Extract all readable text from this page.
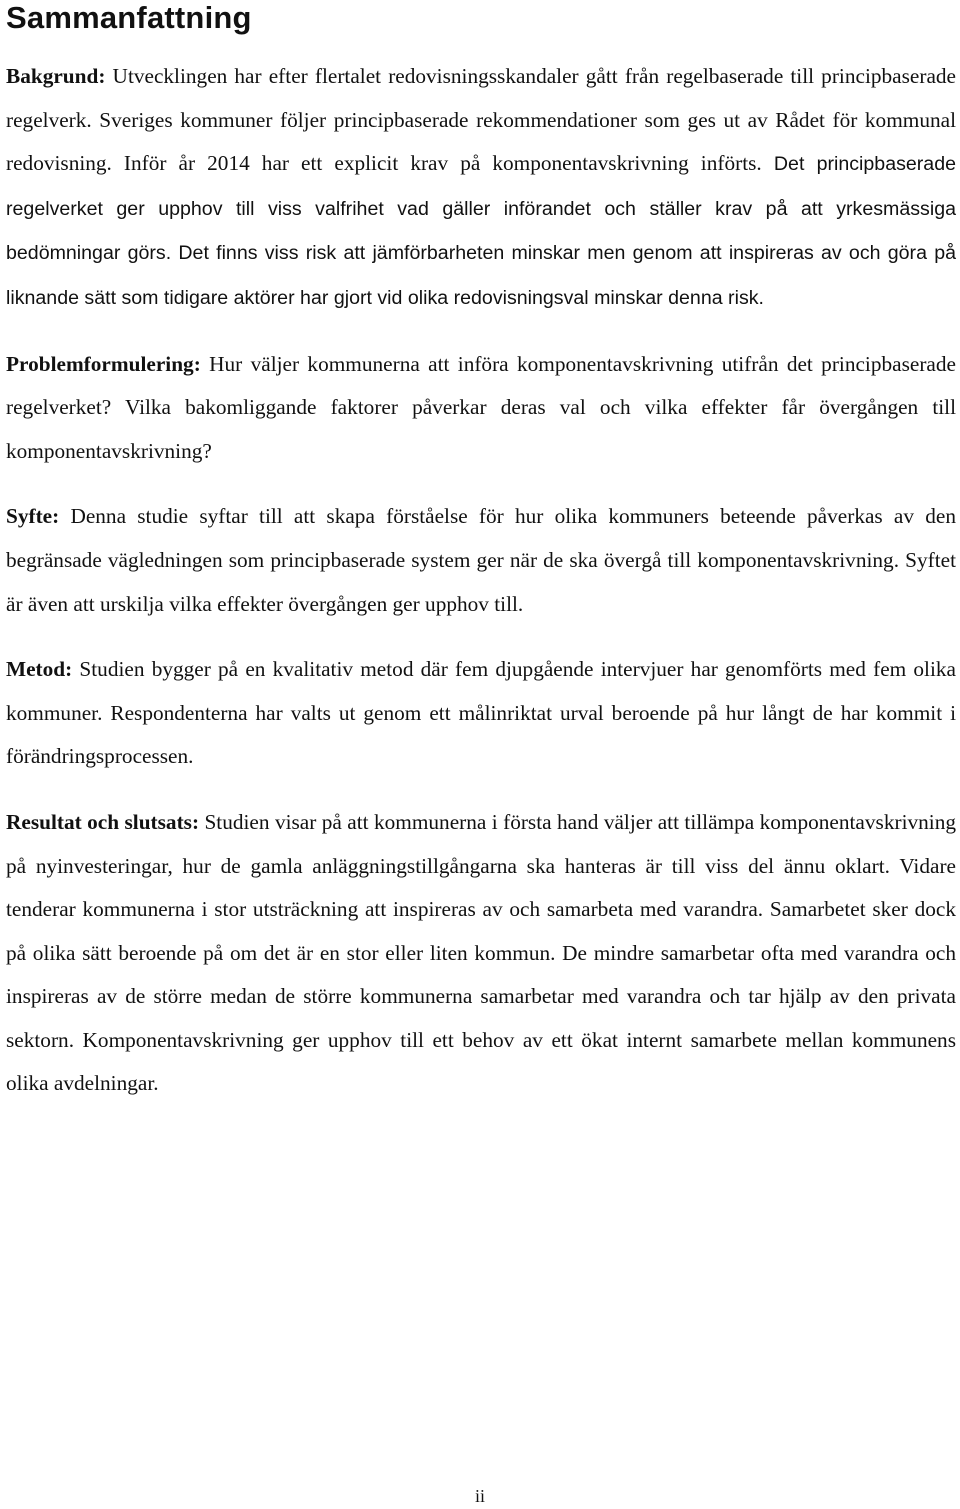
Sammanfattning

Bakgrund: Utvecklingen har efter flertalet redovisningsskandaler gått från regelbaserade till principbaserade regelverk. Sveriges kommuner följer principbaserade rekommendationer som ges ut av Rådet för kommunal redovisning. Inför år 2014 har ett explicit krav på komponentavskrivning införts. Det principbaserade regelverket ger upphov till viss valfrihet vad gäller införandet och ställer krav på att yrkesmässiga bedömningar görs. Det finns viss risk att jämförbarheten minskar men genom att inspireras av och göra på liknande sätt som tidigare aktörer har gjort vid olika redovisningsval minskar denna risk.

Problemformulering: Hur väljer kommunerna att införa komponentavskrivning utifrån det principbaserade regelverket? Vilka bakomliggande faktorer påverkar deras val och vilka effekter får övergången till komponentavskrivning?

Syfte: Denna studie syftar till att skapa förståelse för hur olika kommuners beteende påverkas av den begränsade vägledningen som principbaserade system ger när de ska övergå till komponentavskrivning. Syftet är även att urskilja vilka effekter övergången ger upphov till.

Metod: Studien bygger på en kvalitativ metod där fem djupgående intervjuer har genomförts med fem olika kommuner. Respondenterna har valts ut genom ett målinriktat urval beroende på hur långt de har kommit i förändringsprocessen.

Resultat och slutsats: Studien visar på att kommunerna i första hand väljer att tillämpa komponentavskrivning på nyinvesteringar, hur de gamla anläggningstillgångarna ska hanteras är till viss del ännu oklart. Vidare tenderar kommunerna i stor utsträckning att inspireras av och samarbeta med varandra. Samarbetet sker dock på olika sätt beroende på om det är en stor eller liten kommun. De mindre samarbetar ofta med varandra och inspireras av de större medan de större kommunerna samarbetar med varandra och tar hjälp av den privata sektorn. Komponentavskrivning ger upphov till ett behov av ett ökat internt samarbete mellan kommunens olika avdelningar.

ii
